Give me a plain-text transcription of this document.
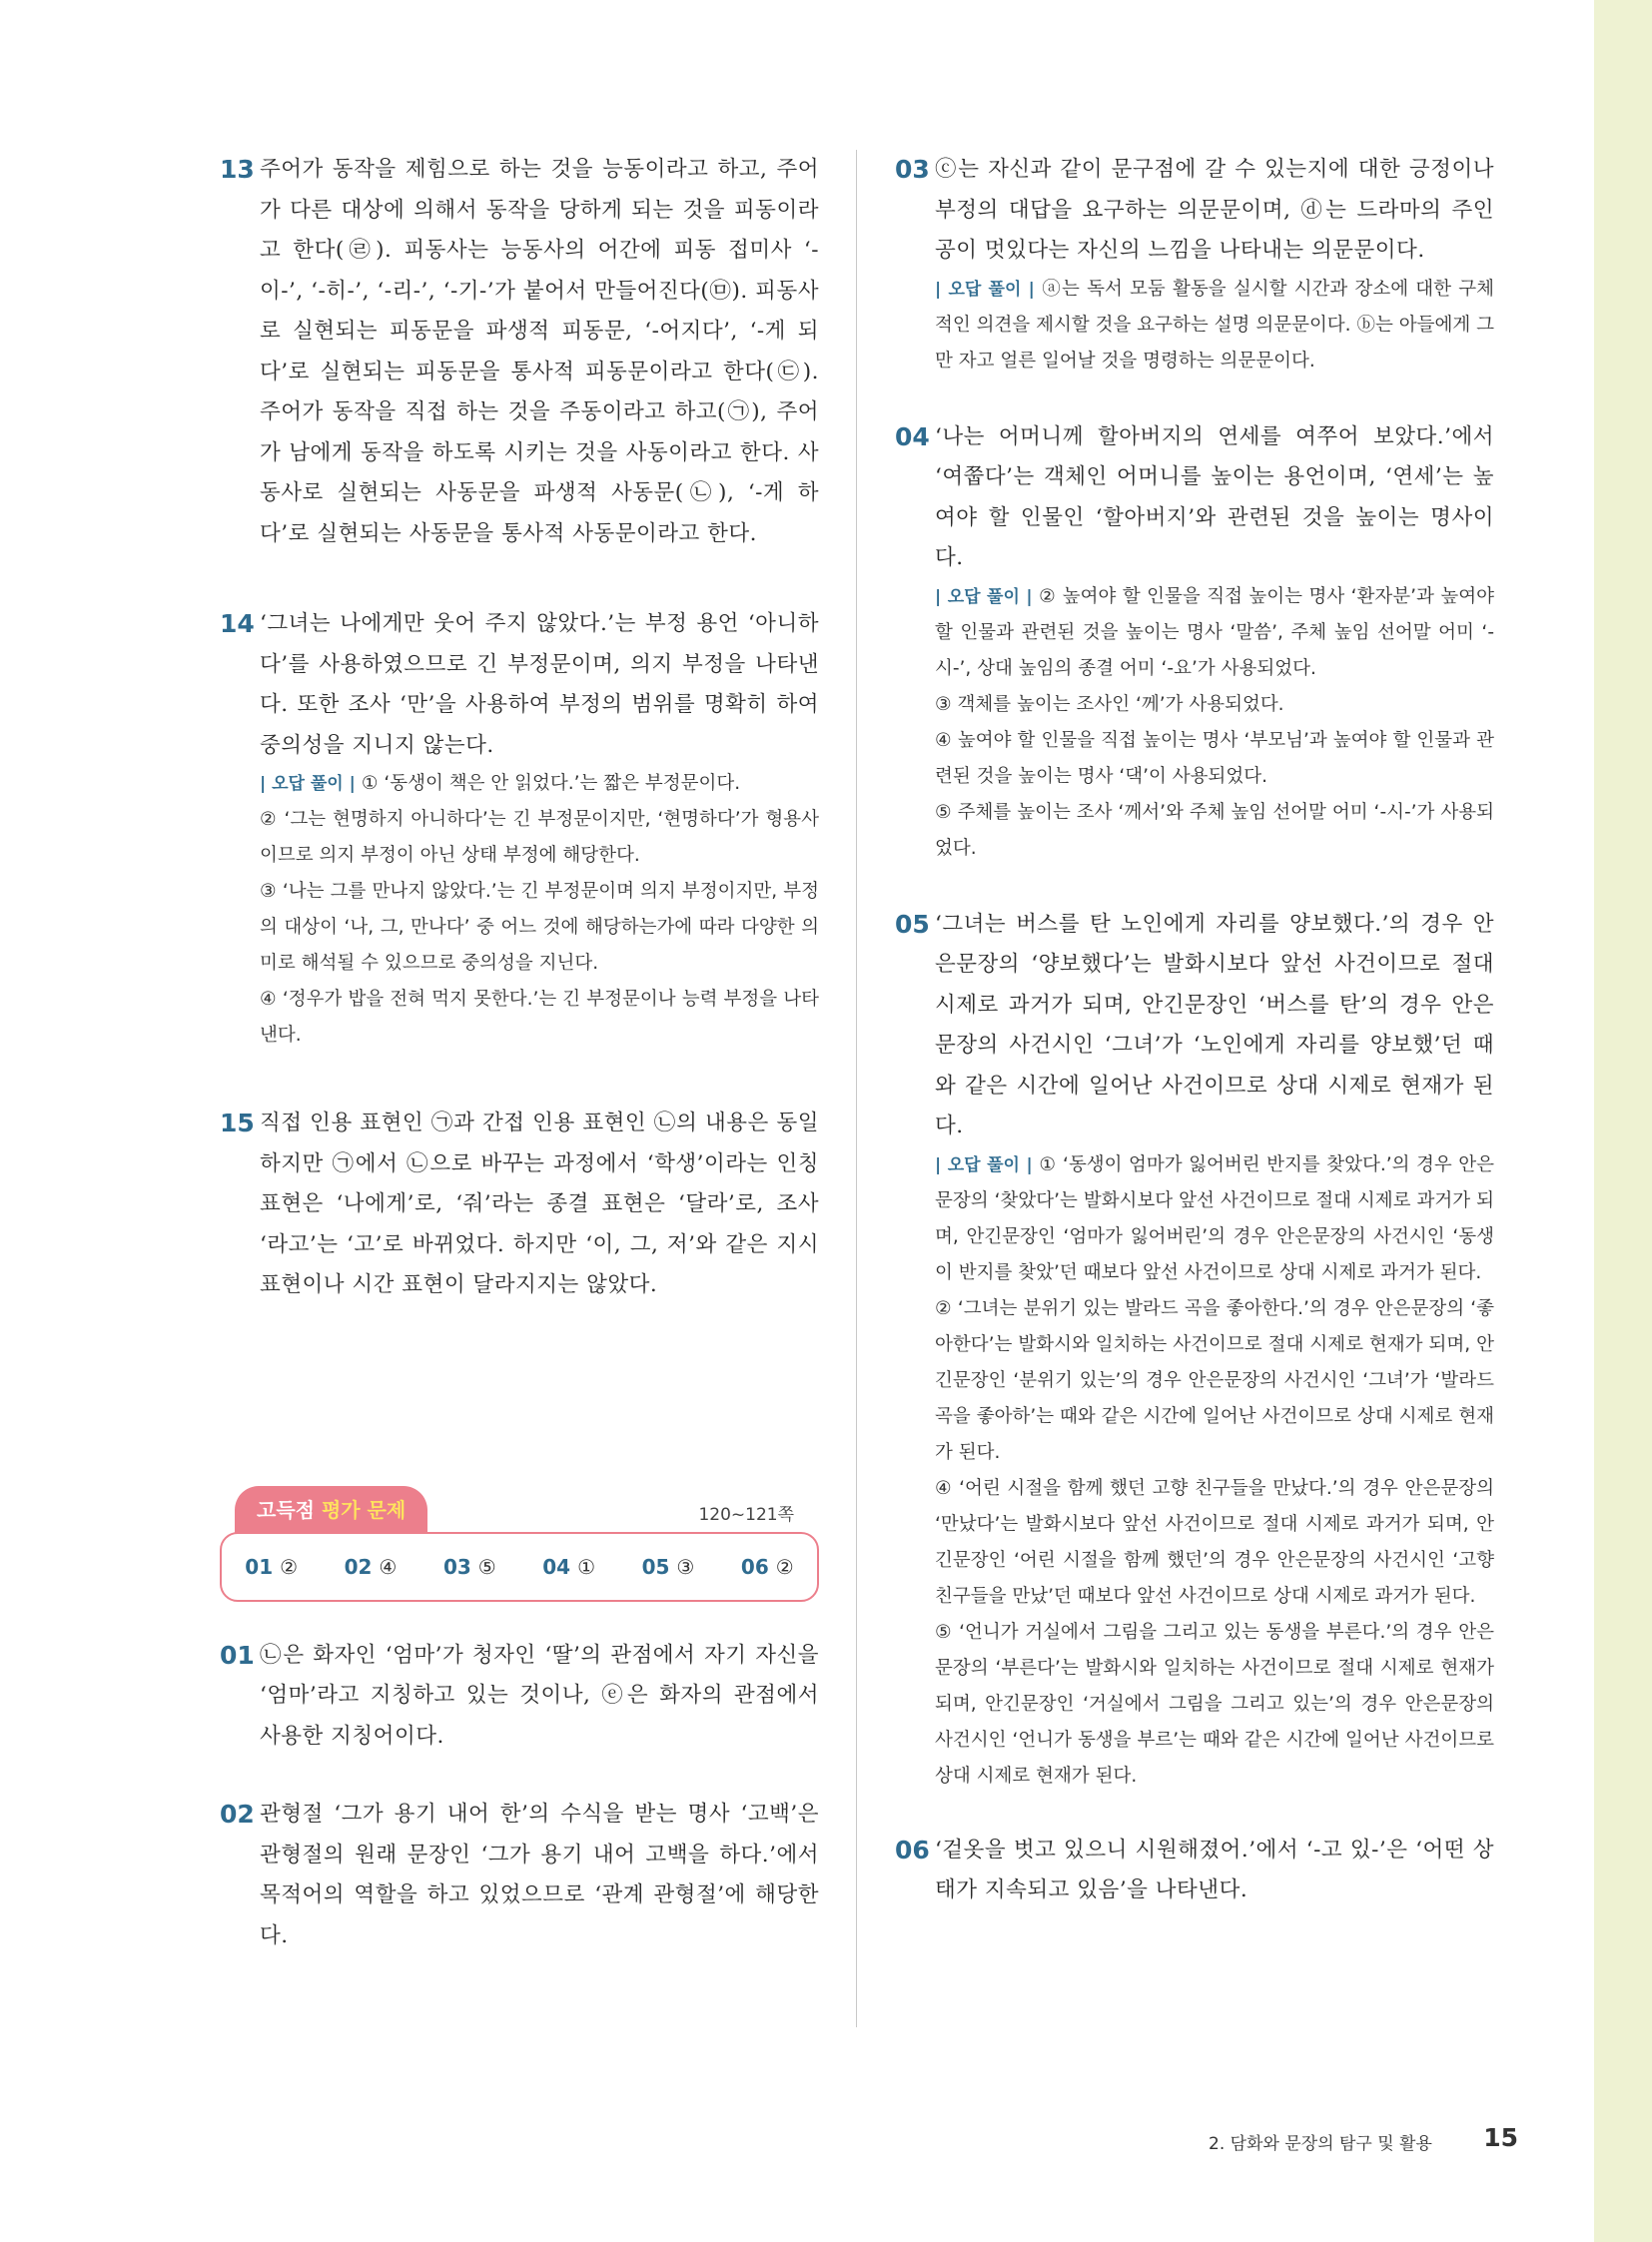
13 주어가 동작을 제힘으로 하는 것을 능동이라고 하고, 주어가 다른 대상에 의해서 동작을 당하게 되는 것을 피동이라고 한다(㉣). 피동사는 능동사의 어간에 피동 접미사 ‘-이-’, ‘-히-’, ‘-리-’, ‘-기-’가 붙어서 만들어진다(㉤). 피동사로 실현되는 피동문을 파생적 피동문, ‘-어지다’, ‘-게 되다’로 실현되는 피동문을 통사적 피동문이라고 한다(㉢). 주어가 동작을 직접 하는 것을 주동이라고 하고(㉠), 주어가 남에게 동작을 하도록 시키는 것을 사동이라고 한다. 사동사로 실현되는 사동문을 파생적 사동문(㉡), ‘-게 하다’로 실현되는 사동문을 통사적 사동문이라고 한다.

14 ‘그녀는 나에게만 웃어 주지 않았다.’는 부정 용언 ‘아니하다’를 사용하였으므로 긴 부정문이며, 의지 부정을 나타낸다. 또한 조사 ‘만’을 사용하여 부정의 범위를 명확히 하여 중의성을 지니지 않는다.

| 오답 풀이 | ① ‘동생이 책은 안 읽었다.’는 짧은 부정문이다.

② ‘그는 현명하지 아니하다’는 긴 부정문이지만, ‘현명하다’가 형용사이므로 의지 부정이 아닌 상태 부정에 해당한다.

③ ‘나는 그를 만나지 않았다.’는 긴 부정문이며 의지 부정이지만, 부정의 대상이 ‘나, 그, 만나다’ 중 어느 것에 해당하는가에 따라 다양한 의미로 해석될 수 있으므로 중의성을 지닌다.

④ ‘정우가 밥을 전혀 먹지 못한다.’는 긴 부정문이나 능력 부정을 나타낸다.

15 직접 인용 표현인 ㉠과 간접 인용 표현인 ㉡의 내용은 동일하지만 ㉠에서 ㉡으로 바꾸는 과정에서 ‘학생’이라는 인칭 표현은 ‘나에게’로, ‘줘’라는 종결 표현은 ‘달라’로, 조사 ‘라고’는 ‘고’로 바뀌었다. 하지만 ‘이, 그, 저’와 같은 지시 표현이나 시간 표현이 달라지지는 않았다.

고득점 평가 문제	120~121쪽
01 ② 02 ④ 03 ⑤ 04 ① 05 ③ 06 ②
01 ㉡은 화자인 ‘엄마’가 청자인 ‘딸’의 관점에서 자기 자신을 ‘엄마’라고 지칭하고 있는 것이나, ⓔ은 화자의 관점에서 사용한 지칭어이다.

02 관형절 ‘그가 용기 내어 한’의 수식을 받는 명사 ‘고백’은 관형절의 원래 문장인 ‘그가 용기 내어 고백을 하다.’에서 목적어의 역할을 하고 있었으므로 ‘관계 관형절’에 해당한다.

03 ⓒ는 자신과 같이 문구점에 갈 수 있는지에 대한 긍정이나 부정의 대답을 요구하는 의문문이며, ⓓ는 드라마의 주인공이 멋있다는 자신의 느낌을 나타내는 의문문이다.

| 오답 풀이 | ⓐ는 독서 모둠 활동을 실시할 시간과 장소에 대한 구체적인 의견을 제시할 것을 요구하는 설명 의문문이다. ⓑ는 아들에게 그만 자고 얼른 일어날 것을 명령하는 의문문이다.
04 ‘나는 어머니께 할아버지의 연세를 여쭈어 보았다.’에서 ‘여쭙다’는 객체인 어머니를 높이는 용언이며, ‘연세’는 높여야 할 인물인 ‘할아버지’와 관련된 것을 높이는 명사이다.

| 오답 풀이 | ② 높여야 할 인물을 직접 높이는 명사 ‘환자분’과 높여야 할 인물과 관련된 것을 높이는 명사 ‘말씀’, 주체 높임 선어말 어미 ‘-시-’, 상대 높임의 종결 어미 ‘-요’가 사용되었다.

③ 객체를 높이는 조사인 ‘께’가 사용되었다.

④ 높여야 할 인물을 직접 높이는 명사 ‘부모님’과 높여야 할 인물과 관련된 것을 높이는 명사 ‘댁’이 사용되었다.

⑤ 주체를 높이는 조사 ‘께서’와 주체 높임 선어말 어미 ‘-시-’가 사용되었다.

05 ‘그녀는 버스를 탄 노인에게 자리를 양보했다.’의 경우 안은문장의 ‘양보했다’는 발화시보다 앞선 사건이므로 절대 시제로 과거가 되며, 안긴문장인 ‘버스를 탄’의 경우 안은문장의 사건시인 ‘그녀’가 ‘노인에게 자리를 양보했’던 때와 같은 시간에 일어난 사건이므로 상대 시제로 현재가 된다.

| 오답 풀이 | ① ‘동생이 엄마가 잃어버린 반지를 찾았다.’의 경우 안은문장의 ‘찾았다’는 발화시보다 앞선 사건이므로 절대 시제로 과거가 되며, 안긴문장인 ‘엄마가 잃어버린’의 경우 안은문장의 사건시인 ‘동생이 반지를 찾았’던 때보다 앞선 사건이므로 상대 시제로 과거가 된다.

② ‘그녀는 분위기 있는 발라드 곡을 좋아한다.’의 경우 안은문장의 ‘좋아한다’는 발화시와 일치하는 사건이므로 절대 시제로 현재가 되며, 안긴문장인 ‘분위기 있는’의 경우 안은문장의 사건시인 ‘그녀’가 ‘발라드 곡을 좋아하’는 때와 같은 시간에 일어난 사건이므로 상대 시제로 현재가 된다.

④ ‘어린 시절을 함께 했던 고향 친구들을 만났다.’의 경우 안은문장의 ‘만났다’는 발화시보다 앞선 사건이므로 절대 시제로 과거가 되며, 안긴문장인 ‘어린 시절을 함께 했던’의 경우 안은문장의 사건시인 ‘고향 친구들을 만났’던 때보다 앞선 사건이므로 상대 시제로 과거가 된다.

⑤ ‘언니가 거실에서 그림을 그리고 있는 동생을 부른다.’의 경우 안은문장의 ‘부른다’는 발화시와 일치하는 사건이므로 절대 시제로 현재가 되며, 안긴문장인 ‘거실에서 그림을 그리고 있는’의 경우 안은문장의 사건시인 ‘언니가 동생을 부르’는 때와 같은 시간에 일어난 사건이므로 상대 시제로 현재가 된다.

06 ‘겉옷을 벗고 있으니 시원해졌어.’에서 ‘-고 있-’은 ‘어떤 상태가 지속되고 있음’을 나타낸다.

2. 담화와 문장의 탐구 및 활용 15
